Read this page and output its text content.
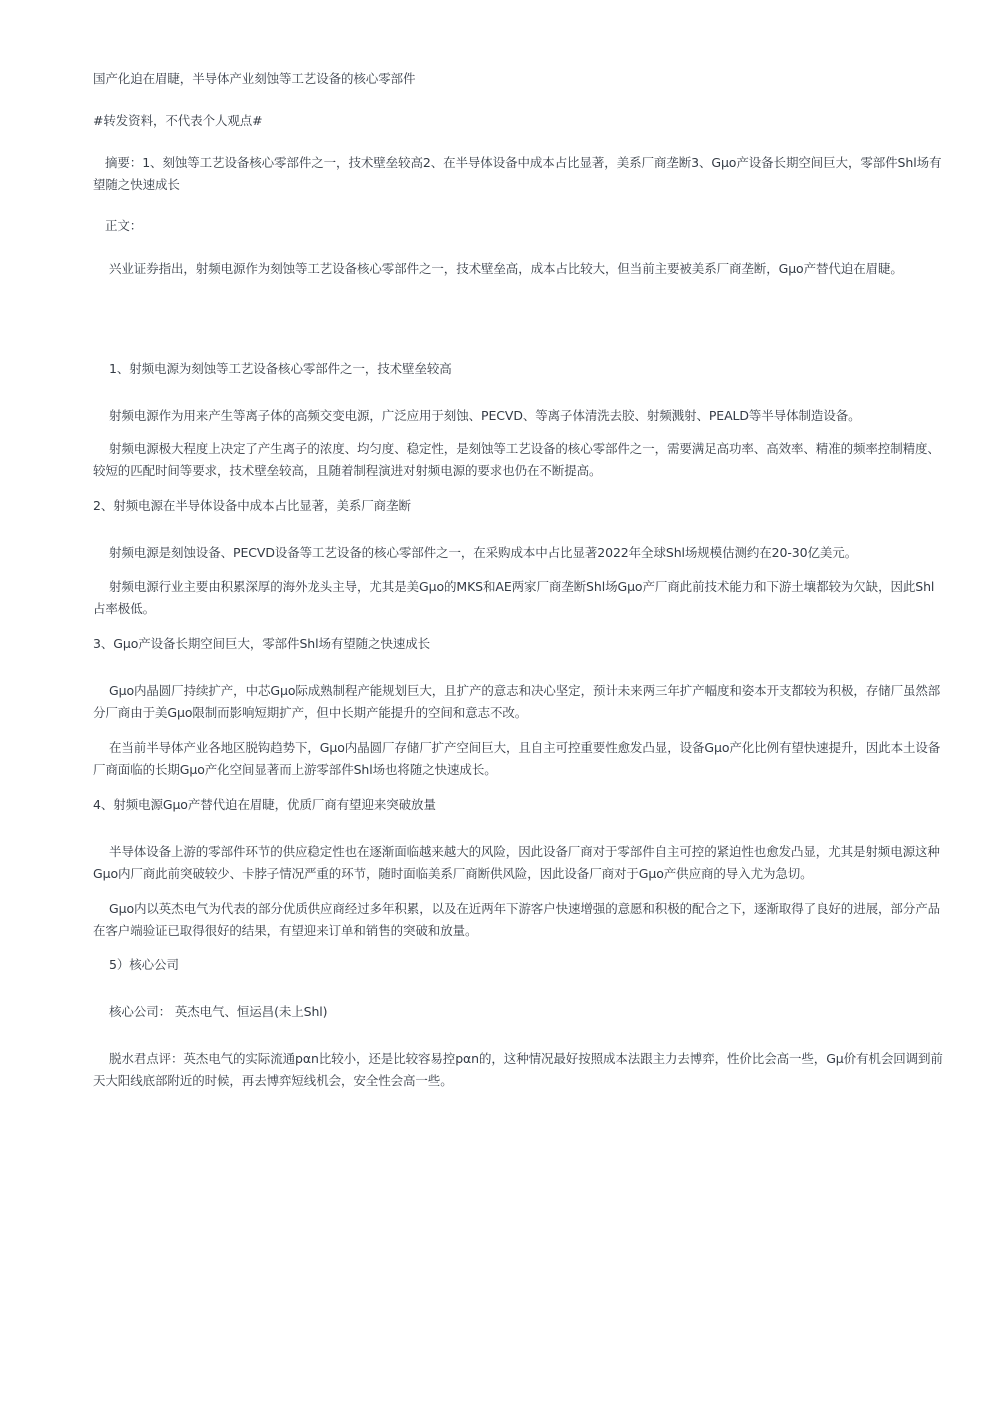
国产化迫在眉睫，半导体产业刻蚀等工艺设备的核心零部件
#转发资料，不代表个人观点#
摘要：1、刻蚀等工艺设备核心零部件之一，技术壁垒较高2、在半导体设备中成本占比显著，美系厂商垄断3、Gμo产设备长期空间巨大，零部件Shl场有望随之快速成长
正文：
兴业证券指出，射频电源作为刻蚀等工艺设备核心零部件之一，技术壁垒高，成本占比较大，但当前主要被美系厂商垄断，Gμo产替代迫在眉睫。
1、射频电源为刻蚀等工艺设备核心零部件之一，技术壁垒较高
射频电源作为用来产生等离子体的高频交变电源，广泛应用于刻蚀、PECVD、等离子体清洗去胶、射频溅射、PEALD等半导体制造设备。
射频电源极大程度上决定了产生离子的浓度、均匀度、稳定性，是刻蚀等工艺设备的核心零部件之一，需要满足高功率、高效率、精准的频率控制精度、较短的匹配时间等要求，技术壁垒较高，且随着制程演进对射频电源的要求也仍在不断提高。
2、射频电源在半导体设备中成本占比显著，美系厂商垄断
射频电源是刻蚀设备、PECVD设备等工艺设备的核心零部件之一，在采购成本中占比显著2022年全球Shl场规模估测约在20-30亿美元。
射频电源行业主要由积累深厚的海外龙头主导，尤其是美Gμo的MKS和AE两家厂商垄断Shl场Gμo产厂商此前技术能力和下游土壤都较为欠缺，因此Shl占率极低。
3、Gμo产设备长期空间巨大，零部件Shl场有望随之快速成长
Gμo内晶圆厂持续扩产，中芯Gμo际成熟制程产能规划巨大，且扩产的意志和决心坚定，预计未来两三年扩产幅度和姿本开支都较为积极，存储厂虽然部分厂商由于美Gμo限制而影响短期扩产，但中长期产能提升的空间和意志不改。
在当前半导体产业各地区脱钩趋势下，Gμo内晶圆厂存储厂扩产空间巨大，且自主可控重要性愈发凸显，设备Gμo产化比例有望快速提升，因此本土设备厂商面临的长期Gμo产化空间显著而上游零部件Shl场也将随之快速成长。
4、射频电源Gμo产替代迫在眉睫，优质厂商有望迎来突破放量
半导体设备上游的零部件环节的供应稳定性也在逐渐面临越来越大的风险，因此设备厂商对于零部件自主可控的紧迫性也愈发凸显，尤其是射频电源这种Gμo内厂商此前突破较少、卡脖子情况严重的环节，随时面临美系厂商断供风险，因此设备厂商对于Gμo产供应商的导入尤为急切。
Gμo内以英杰电气为代表的部分优质供应商经过多年积累，以及在近两年下游客户快速增强的意愿和积极的配合之下，逐渐取得了良好的进展，部分产品在客户端验证已取得很好的结果，有望迎来订单和销售的突破和放量。
5）核心公司
核心公司： 英杰电气、恒运昌(未上Shl)
脱水君点评：英杰电气的实际流通pαn比较小，还是比较容易控pαn的，这种情况最好按照成本法跟主力去博弈，性价比会高一些，Gμ价有机会回调到前天大阳线底部附近的时候，再去博弈短线机会，安全性会高一些。
